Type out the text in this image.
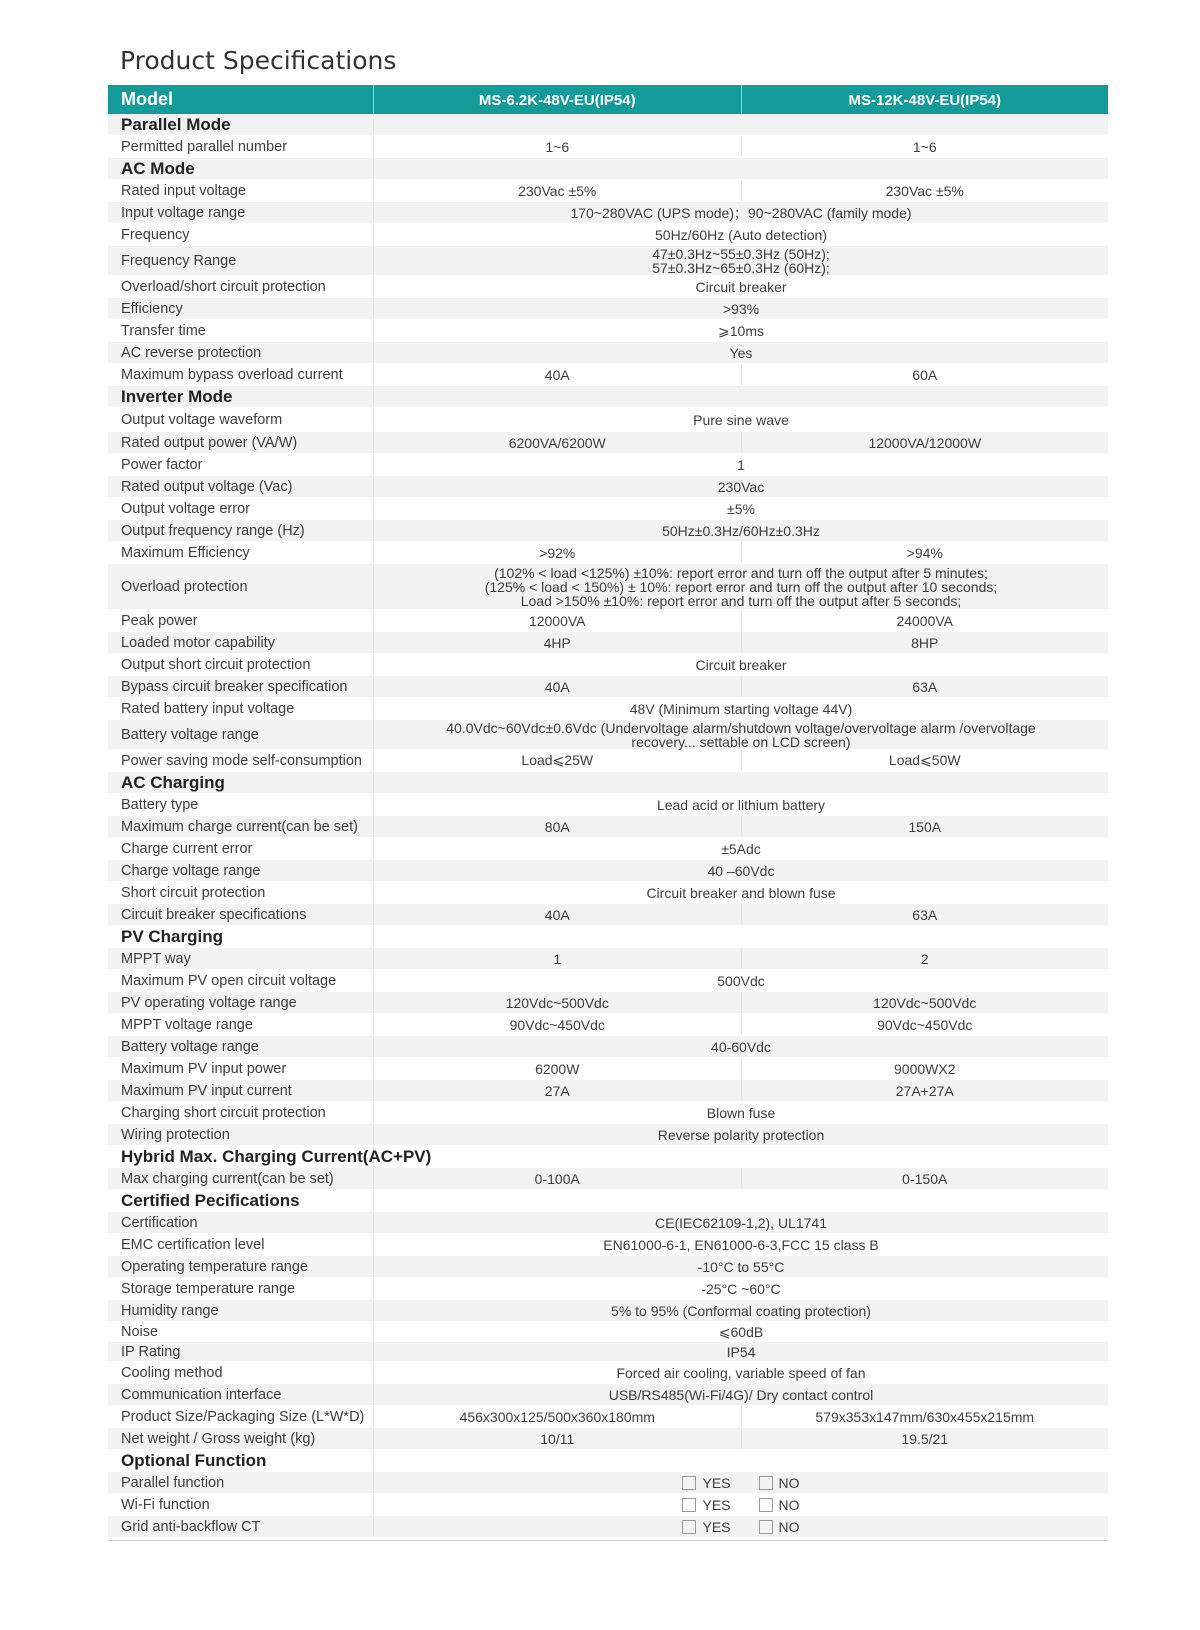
Product Specifications
Model	MS-6.2K-48V-EU(IP54)	MS-12K-48V-EU(IP54)
Parallel Mode
Permitted parallel number	1~6	1~6
AC Mode
Rated input voltage	230Vac ±5%	230Vac ±5%
Input voltage range	170~280VAC (UPS mode)；90~280VAC (family mode)
Frequency	50Hz/60Hz (Auto detection)
Frequency Range	47±0.3Hz~55±0.3Hz (50Hz);
57±0.3Hz~65±0.3Hz (60Hz);
Overload/short circuit protection	Circuit breaker
Efficiency	>93%
Transfer time	⩾10ms
AC reverse protection	Yes
Maximum bypass overload current	40A	60A
Inverter Mode
Output voltage waveform	Pure sine wave
Rated output power (VA/W)	6200VA/6200W	12000VA/12000W
Power factor	1
Rated output voltage (Vac)	230Vac
Output voltage error	±5%
Output frequency range (Hz)	50Hz±0.3Hz/60Hz±0.3Hz
Maximum Efficiency	>92%	>94%
Overload protection
(102% < load <125%) ±10%: report error and turn off the output after 5 minutes;
(125% < load < 150%) ± 10%: report error and turn off the output after 10 seconds;
Load >150% ±10%: report error and turn off the output after 5 seconds;
Peak power	12000VA	24000VA
Loaded motor capability	4HP	8HP
Output short circuit protection	Circuit breaker
Bypass circuit breaker specification	40A	63A
Rated battery input voltage	48V (Minimum starting voltage 44V)
Battery voltage range	40.0Vdc~60Vdc±0.6Vdc (Undervoltage alarm/shutdown voltage/overvoltage alarm /overvoltage
recovery... settable on LCD screen)
Power saving mode self-consumption	Load⩽25W	Load⩽50W
AC Charging
Battery type	Lead acid or lithium battery
Maximum charge current(can be set)	80A	150A
Charge current error	±5Adc
Charge voltage range	40 –60Vdc
Short circuit protection	Circuit breaker and blown fuse
Circuit breaker specifications	40A	63A
PV Charging
MPPT way	1	2
Maximum PV open circuit voltage	500Vdc
PV operating voltage range	120Vdc~500Vdc	120Vdc~500Vdc
MPPT voltage range	90Vdc~450Vdc	90Vdc~450Vdc
Battery voltage range	40-60Vdc
Maximum PV input power	6200W	9000WX2
Maximum PV input current	27A	27A+27A
Charging short circuit protection	Blown fuse
Wiring protection	Reverse polarity protection
Hybrid Max. Charging Current(AC+PV)
Max charging current(can be set)	0-100A	0-150A
Certified Pecifications
Certification	CE(IEC62109-1,2), UL1741
EMC certification level	EN61000-6-1, EN61000-6-3,FCC 15 class B
Operating temperature range	-10°C to 55°C
Storage temperature range	-25°C ~60°C
Humidity range	5% to 95% (Conformal coating protection)
Noise	⩽60dB
IP Rating	IP54
Cooling method	Forced air cooling, variable speed of fan
Communication interface	USB/RS485(Wi-Fi/4G)/ Dry contact control
Product Size/Packaging Size (L*W*D)	456x300x125/500x360x180mm	579x353x147mm/630x455x215mm
Net weight / Gross weight (kg)	10/11	19.5/21
Optional Function
Parallel function	YES	NO
Wi-Fi function	YES	NO
Grid anti-backflow CT	YES	NO
